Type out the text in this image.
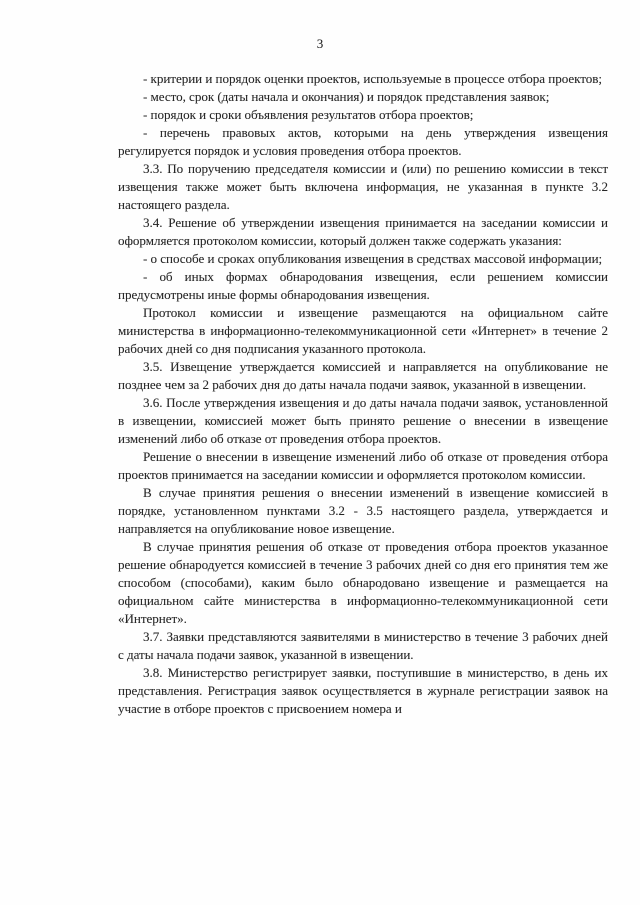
3

- критерии и порядок оценки проектов, используемые в процессе отбора проектов;

- место, срок (даты начала и окончания) и порядок представления заявок;

- порядок и сроки объявления результатов отбора проектов;

- перечень правовых актов, которыми на день утверждения извещения регулируется порядок и условия проведения отбора проектов.

3.3. По поручению председателя комиссии и (или) по решению комиссии в текст извещения также может быть включена информация, не указанная в пункте 3.2 настоящего раздела.

3.4. Решение об утверждении извещения принимается на заседании комиссии и оформляется протоколом комиссии, который должен также содержать указания:

- о способе и сроках опубликования извещения в средствах массовой информации;

- об иных формах обнародования извещения, если решением комиссии предусмотрены иные формы обнародования извещения.

Протокол комиссии и извещение размещаются на официальном сайте министерства в информационно-телекоммуникационной сети «Интернет» в течение 2 рабочих дней со дня подписания указанного протокола.

3.5. Извещение утверждается комиссией и направляется на опубликование не позднее чем за 2 рабочих дня до даты начала подачи заявок, указанной в извещении.

3.6. После утверждения извещения и до даты начала подачи заявок, установленной в извещении, комиссией может быть принято решение о внесении в извещение изменений либо об отказе от проведения отбора проектов.

Решение о внесении в извещение изменений либо об отказе от проведения отбора проектов принимается на заседании комиссии и оформляется протоколом комиссии.

В случае принятия решения о внесении изменений в извещение комиссией в порядке, установленном пунктами 3.2 - 3.5 настоящего раздела, утверждается и направляется на опубликование новое извещение.

В случае принятия решения об отказе от проведения отбора проектов указанное решение обнародуется комиссией в течение 3 рабочих дней со дня его принятия тем же способом (способами), каким было обнародовано извещение и размещается на официальном сайте министерства в информационно-телекоммуникационной сети «Интернет».

3.7. Заявки представляются заявителями в министерство в течение 3 рабочих дней с даты начала подачи заявок, указанной в извещении.

3.8. Министерство регистрирует заявки, поступившие в министерство, в день их представления. Регистрация заявок осуществляется в журнале регистрации заявок на участие в отборе проектов с присвоением номера и
